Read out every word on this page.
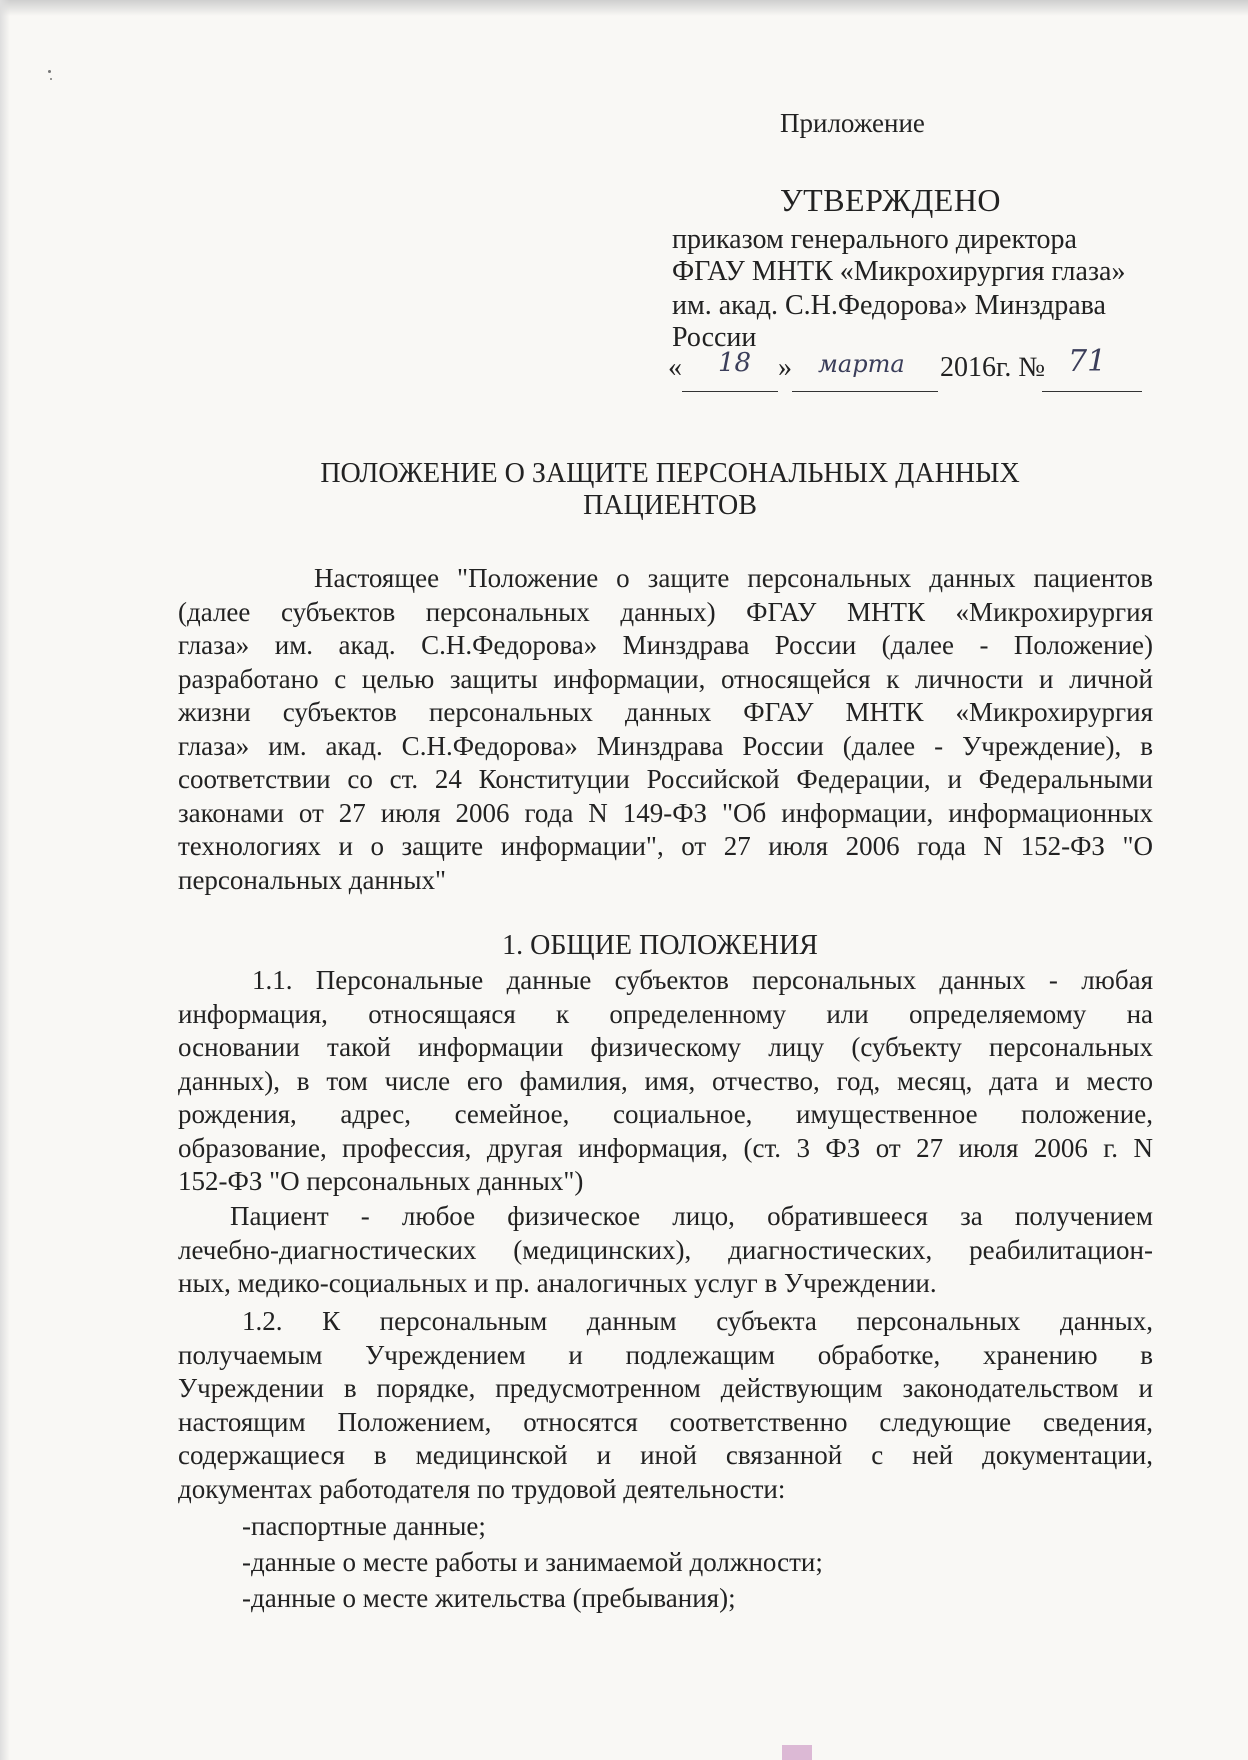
Приложение
УТВЕРЖДЕНО
приказом генерального директора
ФГАУ МНТК «Микрохирургия глаза»
им. акад. С.Н.Федорова» Минздрава
России
« 18 » марта 2016г. № 71
ПОЛОЖЕНИЕ О ЗАЩИТЕ ПЕРСОНАЛЬНЫХ ДАННЫХ
ПАЦИЕНТОВ
Настоящее "Положение о защите персональных данных пациентов
(далее субъектов персональных данных) ФГАУ МНТК «Микрохирургия
глаза» им. акад. С.Н.Федорова» Минздрава России (далее - Положение)
разработано с целью защиты информации, относящейся к личности и личной
жизни субъектов персональных данных ФГАУ МНТК «Микрохирургия
глаза» им. акад. С.Н.Федорова» Минздрава России (далее - Учреждение), в
соответствии со ст. 24 Конституции Российской Федерации, и Федеральными
законами от 27 июля 2006 года N 149-ФЗ "Об информации, информационных
технологиях и о защите информации", от 27 июля 2006 года N 152-ФЗ "О
персональных данных"
1. ОБЩИЕ ПОЛОЖЕНИЯ
1.1. Персональные данные субъектов персональных данных - любая
информация, относящаяся к определенному или определяемому на
основании такой информации физическому лицу (субъекту персональных
данных), в том числе его фамилия, имя, отчество, год, месяц, дата и место
рождения, адрес, семейное, социальное, имущественное положение,
образование, профессия, другая информация, (ст. 3 ФЗ от 27 июля 2006 г. N
152-ФЗ "О персональных данных")
Пациент - любое физическое лицо, обратившееся за получением
лечебно-диагностических (медицинских), диагностических, реабилитацион-
ных, медико-социальных и пр. аналогичных услуг в Учреждении.
1.2. К персональным данным субъекта персональных данных,
получаемым Учреждением и подлежащим обработке, хранению в
Учреждении в порядке, предусмотренном действующим законодательством и
настоящим Положением, относятся соответственно следующие сведения,
содержащиеся в медицинской и иной связанной с ней документации,
документах работодателя по трудовой деятельности:
-паспортные данные;
-данные о месте работы и занимаемой должности;
-данные о месте жительства (пребывания);
